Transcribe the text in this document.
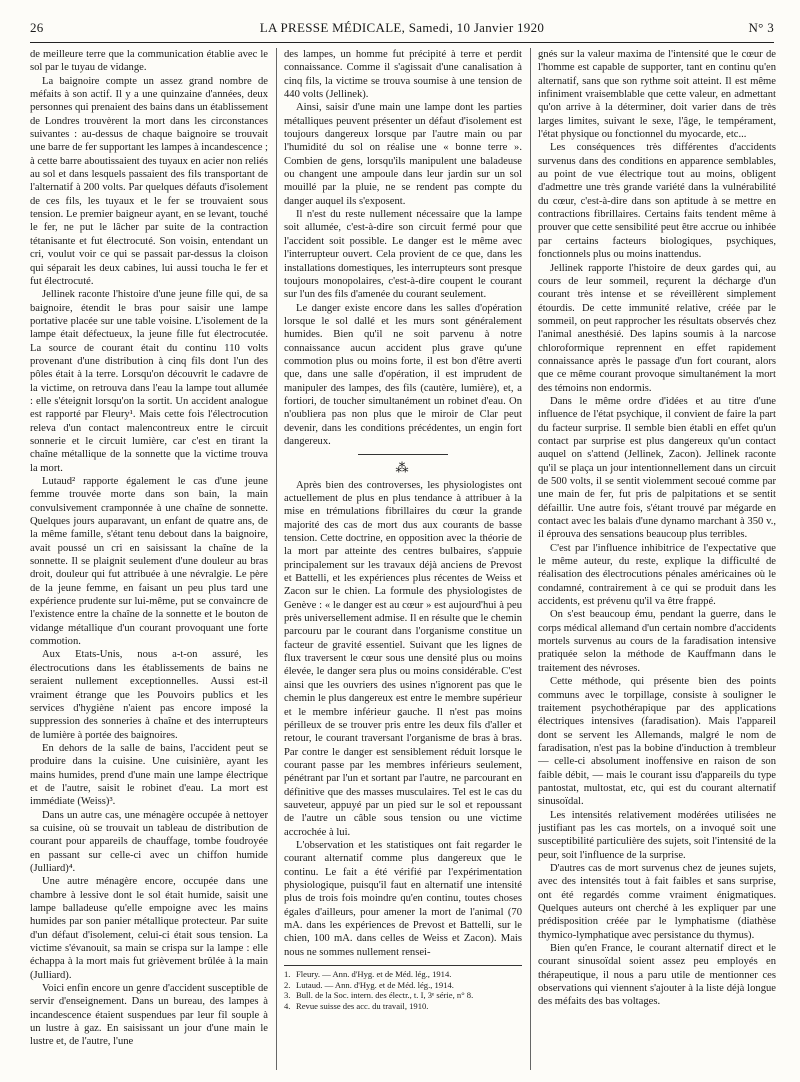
26	LA PRESSE MÉDICALE, Samedi, 10 Janvier 1920	N° 3

de meilleure terre que la communication établie avec le sol par le tuyau de vidange.

La baignoire compte un assez grand nombre de méfaits à son actif. Il y a une quinzaine d'années, deux personnes qui prenaient des bains dans un établissement de Londres trouvèrent la mort dans les circonstances suivantes : au-dessus de chaque baignoire se trouvait une barre de fer supportant les lampes à incandescence ; à cette barre aboutissaient des tuyaux en acier non reliés au sol et dans lesquels passaient des fils transportant de l'alternatif à 200 volts. Par quelques défauts d'isolement de ces fils, les tuyaux et le fer se trouvaient sous tension. Le premier baigneur ayant, en se levant, touché le fer, ne put le lâcher par suite de la contraction tétanisante et fut électrocuté. Son voisin, entendant un cri, voulut voir ce qui se passait par-dessus la cloison qui séparait les deux cabines, lui aussi toucha le fer et fut électrocuté.

Jellinek raconte l'histoire d'une jeune fille qui, de sa baignoire, étendit le bras pour saisir une lampe portative placée sur une table voisine. L'isolement de la lampe était défectueux, la jeune fille fut électrocutée. La source de courant était du continu 110 volts provenant d'une distribution à cinq fils dont l'un des pôles était à la terre. Lorsqu'on découvrit le cadavre de la victime, on retrouva dans l'eau la lampe tout allumée : elle s'éteignit lorsqu'on la sortit. Un accident analogue est rapporté par Fleury¹. Mais cette fois l'électrocution releva d'un contact malencontreux entre le circuit sonnerie et le circuit lumière, car c'est en tirant la chaîne métallique de la sonnette que la victime trouva la mort.

Lutaud² rapporte également le cas d'une jeune femme trouvée morte dans son bain, la main convulsivement cramponnée à une chaîne de sonnette. Quelques jours auparavant, un enfant de quatre ans, de la même famille, s'étant tenu debout dans la baignoire, avait poussé un cri en saisissant la chaîne de la sonnette. Il se plaignit seulement d'une douleur au bras droit, douleur qui fut attribuée à une névralgie. Le père de la jeune femme, en faisant un peu plus tard une expérience prudente sur lui-même, put se convaincre de l'existence entre la chaîne de la sonnette et le bouton de vidange métallique d'un courant provoquant une forte commotion.

Aux Etats-Unis, nous a-t-on assuré, les électrocutions dans les établissements de bains ne seraient nullement exceptionnelles. Aussi est-il vraiment étrange que les Pouvoirs publics et les services d'hygiène n'aient pas encore imposé la suppression des sonneries à chaîne et des interrupteurs de lumière à portée des baignoires.

En dehors de la salle de bains, l'accident peut se produire dans la cuisine. Une cuisinière, ayant les mains humides, prend d'une main une lampe électrique et de l'autre, saisit le robinet d'eau. La mort est immédiate (Weiss)³.

Dans un autre cas, une ménagère occupée à nettoyer sa cuisine, où se trouvait un tableau de distribution de courant pour appareils de chauffage, tombe foudroyée en passant sur celle-ci avec un chiffon humide (Julliard)⁴.

Une autre ménagère encore, occupée dans une chambre à lessive dont le sol était humide, saisit une lampe balladeuse qu'elle empoigne avec les mains humides par son panier métallique protecteur. Par suite d'un défaut d'isolement, celui-ci était sous tension. La victime s'évanouit, sa main se crispa sur la lampe : elle échappa à la mort mais fut grièvement brûlée à la main (Julliard).

Voici enfin encore un genre d'accident susceptible de servir d'enseignement. Dans un bureau, des lampes à incandescence étaient suspendues par leur fil souple à un lustre à gaz. En saisissant un jour d'une main le lustre et, de l'autre, l'une

des lampes, un homme fut précipité à terre et perdit connaissance. Comme il s'agissait d'une canalisation à cinq fils, la victime se trouva soumise à une tension de 440 volts (Jellinek).

Ainsi, saisir d'une main une lampe dont les parties métalliques peuvent présenter un défaut d'isolement est toujours dangereux lorsque par l'autre main ou par l'humidité du sol on réalise une « bonne terre ». Combien de gens, lorsqu'ils manipulent une baladeuse ou changent une ampoule dans leur jardin sur un sol mouillé par la pluie, ne se rendent pas compte du danger auquel ils s'exposent.

Il n'est du reste nullement nécessaire que la lampe soit allumée, c'est-à-dire son circuit fermé pour que l'accident soit possible. Le danger est le même avec l'interrupteur ouvert. Cela provient de ce que, dans les installations domestiques, les interrupteurs sont presque toujours monopolaires, c'est-à-dire coupent le courant sur l'un des fils d'amenée du courant seulement.

Le danger existe encore dans les salles d'opération lorsque le sol dallé et les murs sont généralement humides. Bien qu'il ne soit parvenu à notre connaissance aucun accident plus grave qu'une commotion plus ou moins forte, il est bon d'être averti que, dans une salle d'opération, il est imprudent de manipuler des lampes, des fils (cautère, lumière), et, a fortiori, de toucher simultanément un robinet d'eau. On n'oubliera pas non plus que le miroir de Clar peut devenir, dans les conditions précédentes, un engin fort dangereux.

⁂

Après bien des controverses, les physiologistes ont actuellement de plus en plus tendance à attribuer à la mise en trémulations fibrillaires du cœur la grande majorité des cas de mort dus aux courants de basse tension. Cette doctrine, en opposition avec la théorie de la mort par atteinte des centres bulbaires, s'appuie principalement sur les travaux déjà anciens de Prevost et Battelli, et les expériences plus récentes de Weiss et Zacon sur le chien. La formule des physiologistes de Genève : « le danger est au cœur » est aujourd'hui à peu près universellement admise. Il en résulte que le chemin parcouru par le courant dans l'organisme constitue un facteur de gravité essentiel. Suivant que les lignes de flux traversent le cœur sous une densité plus ou moins élevée, le danger sera plus ou moins considérable. C'est ainsi que les ouvriers des usines n'ignorent pas que le chemin le plus dangereux est entre le membre supérieur et le membre inférieur gauche. Il n'est pas moins périlleux de se trouver pris entre les deux fils d'aller et retour, le courant traversant l'organisme de bras à bras. Par contre le danger est sensiblement réduit lorsque le courant passe par les membres inférieurs seulement, pénétrant par l'un et sortant par l'autre, ne parcourant en définitive que des masses musculaires. Tel est le cas du sauveteur, appuyé par un pied sur le sol et repoussant de l'autre un câble sous tension ou une victime accrochée à lui.

L'observation et les statistiques ont fait regarder le courant alternatif comme plus dangereux que le continu. Le fait a été vérifié par l'expérimentation physiologique, puisqu'il faut en alternatif une intensité plus de trois fois moindre qu'en continu, toutes choses égales d'ailleurs, pour amener la mort de l'animal (70 mA. dans les expériences de Prevost et Battelli, sur le chien, 100 mA. dans celles de Weiss et Zacon). Mais nous ne sommes nullement rensei-

1. Fleury. — Ann. d'Hyg. et de Méd. lég., 1914.

2. Lutaud. — Ann. d'Hyg. et de Méd. lég., 1914.

3. Bull. de la Soc. intern. des électr., t. I, 3ᵉ série, n° 8.

4. Revue suisse des acc. du travail, 1910.

gnés sur la valeur maxima de l'intensité que le cœur de l'homme est capable de supporter, tant en continu qu'en alternatif, sans que son rythme soit atteint. Il est même infiniment vraisemblable que cette valeur, en admettant qu'on arrive à la déterminer, doit varier dans de très larges limites, suivant le sexe, l'âge, le tempérament, l'état physique ou fonctionnel du myocarde, etc...

Les conséquences très différentes d'accidents survenus dans des conditions en apparence semblables, au point de vue électrique tout au moins, obligent d'admettre une très grande variété dans la vulnérabilité du cœur, c'est-à-dire dans son aptitude à se mettre en contractions fibrillaires. Certains faits tendent même à prouver que cette sensibilité peut être accrue ou inhibée par certains facteurs biologiques, psychiques, fonctionnels plus ou moins inattendus.

Jellinek rapporte l'histoire de deux gardes qui, au cours de leur sommeil, reçurent la décharge d'un courant très intense et se réveillèrent simplement étourdis. De cette immunité relative, créée par le sommeil, on peut rapprocher les résultats observés chez l'animal anesthésié. Des lapins soumis à la narcose chloroformique reprennent en effet rapidement connaissance après le passage d'un fort courant, alors que ce même courant provoque simultanément la mort des témoins non endormis.

Dans le même ordre d'idées et au titre d'une influence de l'état psychique, il convient de faire la part du facteur surprise. Il semble bien établi en effet qu'un contact par surprise est plus dangereux qu'un contact auquel on s'attend (Jellinek, Zacon). Jellinek raconte qu'il se plaça un jour intentionnellement dans un circuit de 500 volts, il se sentit violemment secoué comme par une main de fer, fut pris de palpitations et se sentit défaillir. Une autre fois, s'étant trouvé par mégarde en contact avec les balais d'une dynamo marchant à 350 v., il éprouva des sensations beaucoup plus terribles.

C'est par l'influence inhibitrice de l'expectative que le même auteur, du reste, explique la difficulté de réalisation des électrocutions pénales américaines où le condamné, contrairement à ce qui se produit dans les accidents, est prévenu qu'il va être frappé.

On s'est beaucoup ému, pendant la guerre, dans le corps médical allemand d'un certain nombre d'accidents mortels survenus au cours de la faradisation intensive pratiquée selon la méthode de Kauffmann dans le traitement des névroses.

Cette méthode, qui présente bien des points communs avec le torpillage, consiste à souligner le traitement psychothérapique par des applications électriques intensives (faradisation). Mais l'appareil dont se servent les Allemands, malgré le nom de faradisation, n'est pas la bobine d'induction à trembleur — celle-ci absolument inoffensive en raison de son faible débit, — mais le courant issu d'appareils du type pantostat, multostat, etc, qui est du courant alternatif sinusoïdal.

Les intensités relativement modérées utilisées ne justifiant pas les cas mortels, on a invoqué soit une susceptibilité particulière des sujets, soit l'intensité de la peur, soit l'influence de la surprise.

D'autres cas de mort survenus chez de jeunes sujets, avec des intensités tout à fait faibles et sans surprise, ont été regardés comme vraiment énigmatiques. Quelques auteurs ont cherché à les expliquer par une prédisposition créée par le lymphatisme (diathèse thymico-lymphatique avec persistance du thymus).

Bien qu'en France, le courant alternatif direct et le courant sinusoïdal soient assez peu employés en thérapeutique, il nous a paru utile de mentionner ces observations qui viennent s'ajouter à la liste déjà longue des méfaits des bas voltages.
